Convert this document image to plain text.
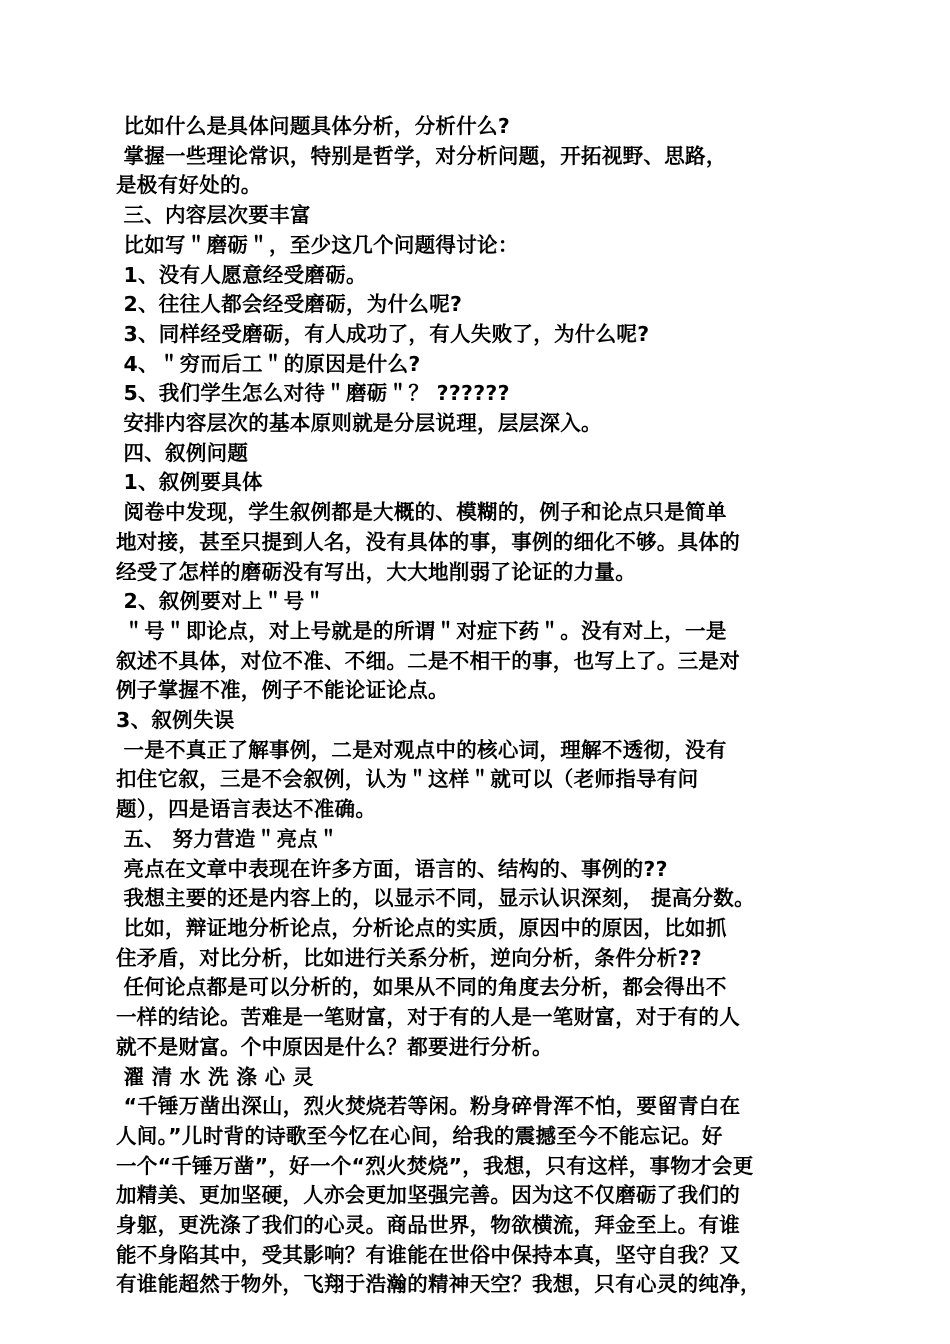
比如什么是具体问题具体分析，分析什么?

掌握一些理论常识，特别是哲学，对分析问题，开拓视野、思路，

是极有好处的。

三、内容层次要丰富

比如写＂磨砺＂，至少这几个问题得讨论：

1、没有人愿意经受磨砺。

2、往往人都会经受磨砺，为什么呢?

3、同样经受磨砺，有人成功了，有人失败了，为什么呢?

4、＂穷而后工＂的原因是什么?

5、我们学生怎么对待＂磨砺＂？ ??????

安排内容层次的基本原则就是分层说理，层层深入。

四、叙例问题

1、叙例要具体

阅卷中发现，学生叙例都是大概的、模糊的，例子和论点只是简单

地对接，甚至只提到人名，没有具体的事，事例的细化不够。具体的

经受了怎样的磨砺没有写出，大大地削弱了论证的力量。

2、叙例要对上＂号＂

＂号＂即论点，对上号就是的所谓＂对症下药＂。没有对上，一是

叙述不具体，对位不准、不细。二是不相干的事，也写上了。三是对

例子掌握不准，例子不能论证论点。

3、叙例失误

一是不真正了解事例，二是对观点中的核心词，理解不透彻，没有

扣住它叙，三是不会叙例，认为＂这样＂就可以（老师指导有问

题），四是语言表达不准确。

五、 努力营造＂亮点＂

亮点在文章中表现在许多方面，语言的、结构的、事例的??

我想主要的还是内容上的，以显示不同，显示认识深刻， 提高分数。

比如，辩证地分析论点，分析论点的实质，原因中的原因，比如抓

住矛盾，对比分析，比如进行关系分析，逆向分析，条件分析??

任何论点都是可以分析的，如果从不同的角度去分析，都会得出不

一样的结论。苦难是一笔财富，对于有的人是一笔财富，对于有的人

就不是财富。个中原因是什么？都要进行分析。

濯 清 水 洗 涤 心 灵

“千锤万凿出深山，烈火焚烧若等闲。粉身碎骨浑不怕，要留青白在

人间。”儿时背的诗歌至今忆在心间，给我的震撼至今不能忘记。好

一个“千锤万凿”，好一个“烈火焚烧”，我想，只有这样，事物才会更

加精美、更加坚硬，人亦会更加坚强完善。因为这不仅磨砺了我们的

身躯，更洗涤了我们的心灵。商品世界，物欲横流，拜金至上。有谁

能不身陷其中，受其影响？有谁能在世俗中保持本真，坚守自我？又

有谁能超然于物外，飞翔于浩瀚的精神天空？我想，只有心灵的纯净，
